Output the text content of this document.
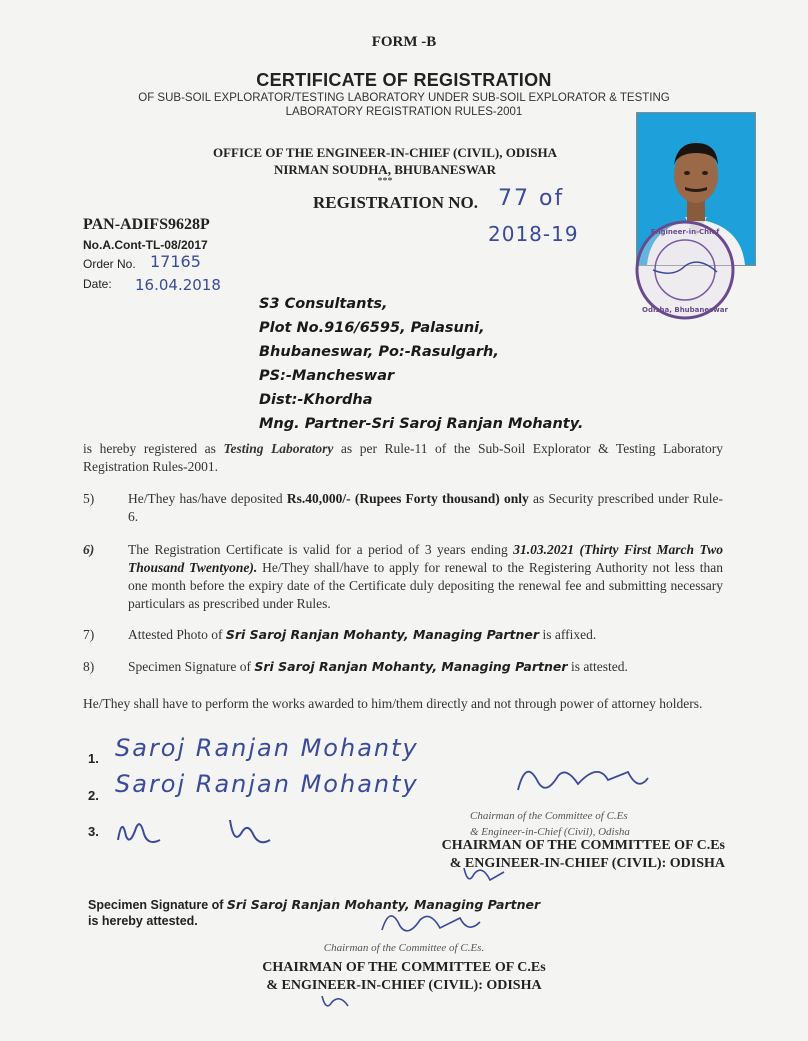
FORM -B
CERTIFICATE OF REGISTRATION
OF SUB-SOIL EXPLORATOR/TESTING LABORATORY UNDER SUB-SOIL EXPLORATOR & TESTING
LABORATORY REGISTRATION RULES-2001
OFFICE OF THE ENGINEER-IN-CHIEF (CIVIL), ODISHA
NIRMAN SOUDHA, BHUBANESWAR
***
REGISTRATION NO. 77 of
2018-19	Engineer-in-Chief
Odisha, Bhubaneswar
PAN-ADIFS9628P
No.A.Cont-TL-08/2017
Order No. 17165
Date: 16.04.2018
S3 Consultants,
Plot No.916/6595, Palasuni,
Bhubaneswar, Po:-Rasulgarh,
PS:-Mancheswar
Dist:-Khordha
Mng. Partner-Sri Saroj Ranjan Mohanty.
is hereby registered as Testing Laboratory as per Rule-11 of the Sub-Soil Explorator & Testing Laboratory Registration Rules-2001.
5)	He/They has/have deposited Rs.40,000/- (Rupees Forty thousand) only as Security prescribed under Rule-6.
6)	The Registration Certificate is valid for a period of 3 years ending 31.03.2021 (Thirty First March Two Thousand Twentyone). He/They shall/have to apply for renewal to the Registering Authority not less than one month before the expiry date of the Certificate duly depositing the renewal fee and submitting necessary particulars as prescribed under Rules.
7)	Attested Photo of Sri Saroj Ranjan Mohanty, Managing Partner is affixed.
8)	Specimen Signature of Sri Saroj Ranjan Mohanty, Managing Partner is attested.
He/They shall have to perform the works awarded to him/them directly and not through power of attorney holders.
1. Saroj Ranjan Mohanty
2. Saroj Ranjan Mohanty
3.
Chairman of the Committee of C.Es
& Engineer-in-Chief (Civil), Odisha
CHAIRMAN OF THE COMMITTEE OF C.Es
& ENGINEER-IN-CHIEF (CIVIL): ODISHA
Specimen Signature of Sri Saroj Ranjan Mohanty, Managing Partner
is hereby attested.
Chairman of the Committee of C.Es.
CHAIRMAN OF THE COMMITTEE OF C.Es
& ENGINEER-IN-CHIEF (CIVIL): ODISHA
